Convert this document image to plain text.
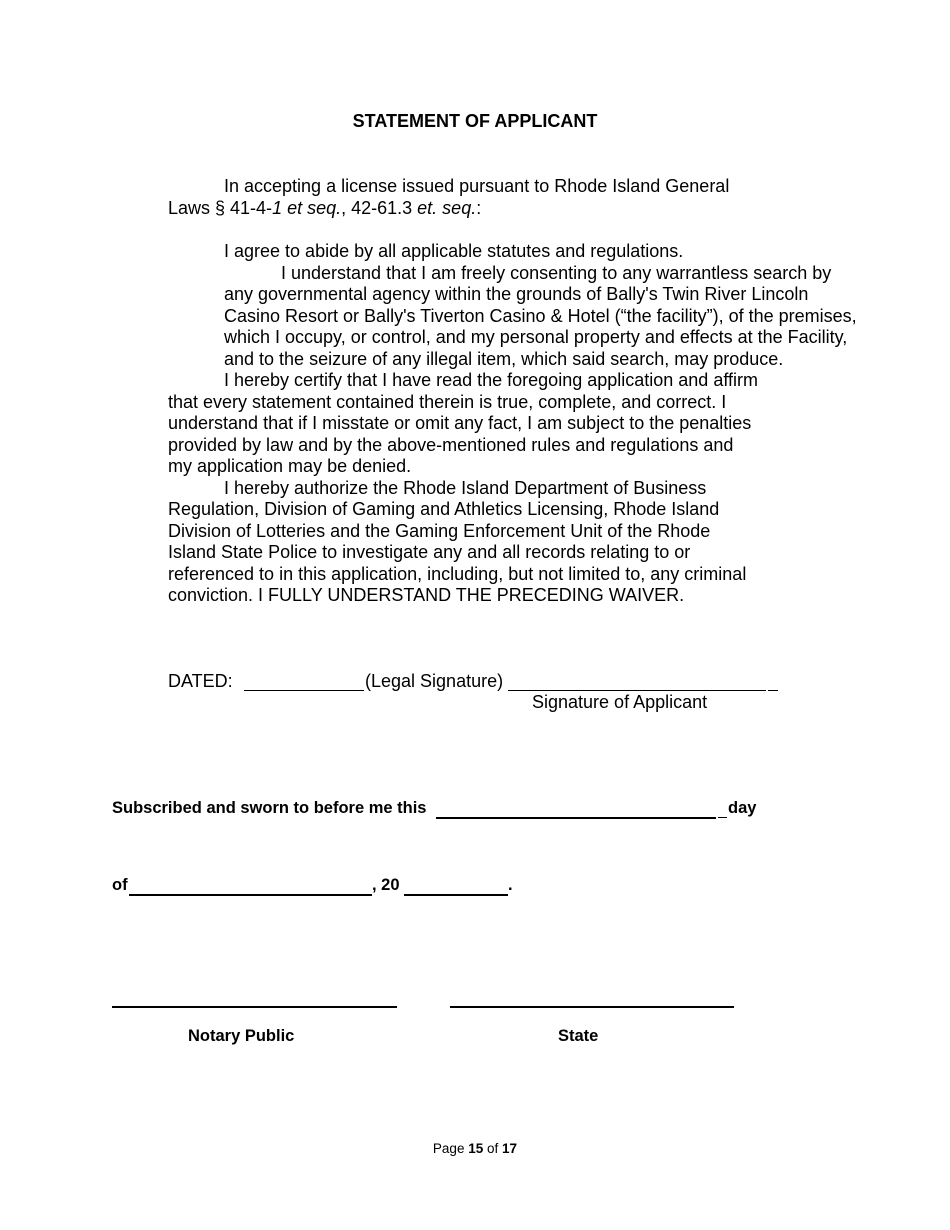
STATEMENT OF APPLICANT
In accepting a license issued pursuant to Rhode Island General
Laws § 41-4-1 et seq., 42-61.3 et. seq.:
I agree to abide by all applicable statutes and regulations.
I understand that I am freely consenting to any warrantless search by
any governmental agency within the grounds of Bally's Twin River Lincoln
Casino Resort or Bally's Tiverton Casino & Hotel (“the facility”), of the premises,
which I occupy, or control, and my personal property and effects at the Facility,
and to the seizure of any illegal item, which said search, may produce.
I hereby certify that I have read the foregoing application and affirm
that every statement contained therein is true, complete, and correct. I
understand that if I misstate or omit any fact, I am subject to the penalties
provided by law and by the above-mentioned rules and regulations and
my application may be denied.
I hereby authorize the Rhode Island Department of Business
Regulation, Division of Gaming and Athletics Licensing, Rhode Island
Division of Lotteries and the Gaming Enforcement Unit of the Rhode
Island State Police to investigate any and all records relating to or
referenced to in this application, including, but not limited to, any criminal
conviction. I FULLY UNDERSTAND THE PRECEDING WAIVER.
DATED:	(Legal Signature)
Signature of Applicant
Subscribed and sworn to before me this	day
of	, 20	.
Notary Public	State
Page 15 of 17
